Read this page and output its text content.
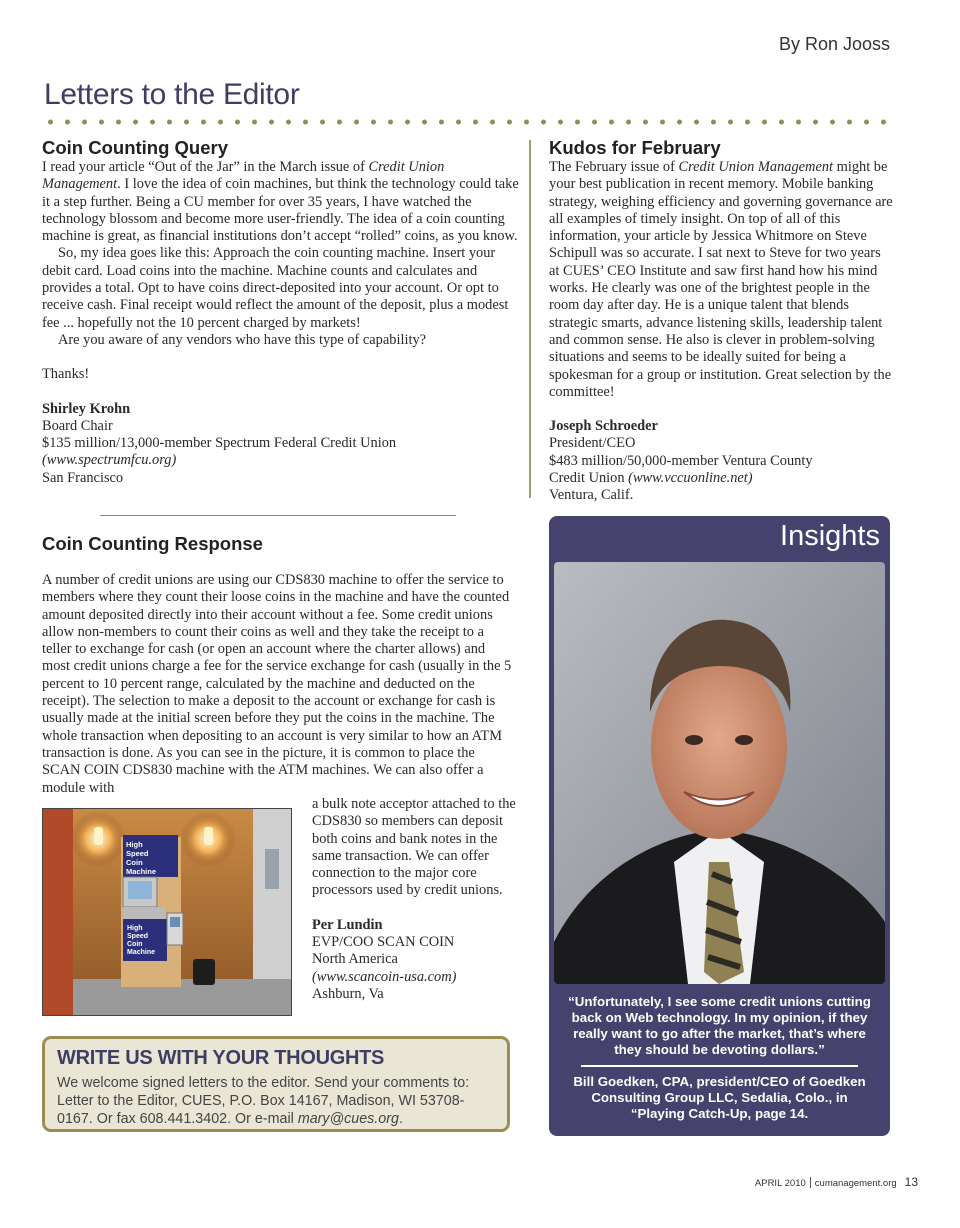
By Ron Jooss
Letters to the Editor
Coin Counting Query

I read your article “Out of the Jar” in the March issue of Credit Union Management. I love the idea of coin machines, but think the technology could take it a step further. Being a CU member for over 35 years, I have watched the technology blossom and become more user-friendly. The idea of a coin counting machine is great, as financial institutions don’t accept “rolled” coins, as you know.

So, my idea goes like this: Approach the coin counting machine. Insert your debit card. Load coins into the machine. Machine counts and calculates and provides a total. Opt to have coins direct-deposited into your account. Or opt to receive cash. Final receipt would reflect the amount of the deposit, plus a modest fee ... hopefully not the 10 percent charged by markets!

Are you aware of any vendors who have this type of capability?

Thanks!

Shirley Krohn

Board Chair

$135 million/13,000-member Spectrum Federal Credit Union

(www.spectrumfcu.org)

San Francisco

Kudos for February

The February issue of Credit Union Management might be your best publication in recent memory. Mobile banking strategy, weighing efficiency and governing governance are all examples of timely insight. On top of all of this information, your article by Jessica Whitmore on Steve Schipull was so accurate. I sat next to Steve for two years at CUES’ CEO Institute and saw first hand how his mind works. He clearly was one of the brightest people in the room day after day. He is a unique talent that blends strategic smarts, advance listening skills, leadership talent and common sense. He also is clever in problem-solving situations and seems to be ideally suited for being a spokesman for a group or institution. Great selection by the committee!

Joseph Schroeder

President/CEO

$483 million/50,000-member Ventura County

Credit Union (www.vccuonline.net)

Ventura, Calif.

Coin Counting Response

A number of credit unions are using our CDS830 machine to offer the service to members where they count their loose coins in the machine and have the counted amount deposited directly into their account without a fee. Some credit unions allow non-members to count their coins as well and they take the receipt to a teller to exchange for cash (or open an account where the charter allows) and most credit unions charge a fee for the service exchange for cash (usually in the 5 percent to 10 percent range, calculated by the machine and deducted on the receipt). The selection to make a deposit to the account or exchange for cash is usually made at the initial screen before they put the coins in the machine. The whole transaction when depositing to an account is very similar to how an ATM transaction is done. As you can see in the picture, it is common to place the SCAN COIN CDS830 machine with the ATM machines. We can also offer a module with

a bulk note acceptor attached to the CDS830 so members can deposit both coins and bank notes in the same transaction. We can offer connection to the major core processors used by credit unions.

Per Lundin

EVP/COO SCAN COIN

North America

(www.scancoin-usa.com)

Ashburn, Va

High
Speed
Coin
Machine
High
Speed
Coin
Machine

WRITE US WITH YOUR THOUGHTS

We welcome signed letters to the editor. Send your comments to: Letter to the Editor, CUES, P.O. Box 14167, Madison, WI 53708-0167. Or fax 608.441.3402. Or e-mail mary@cues.org.

Insights

“Unfortunately, I see some credit unions cutting back on Web technology. In my opinion, if they really want to go after the market, that’s where they should be devoting dollars.”

Bill Goedken, CPA, president/CEO of Goedken Consulting Group LLC, Sedalia, Colo., in “Playing Catch-Up, page 14.

APRIL 2010 cumanagement.org 13
